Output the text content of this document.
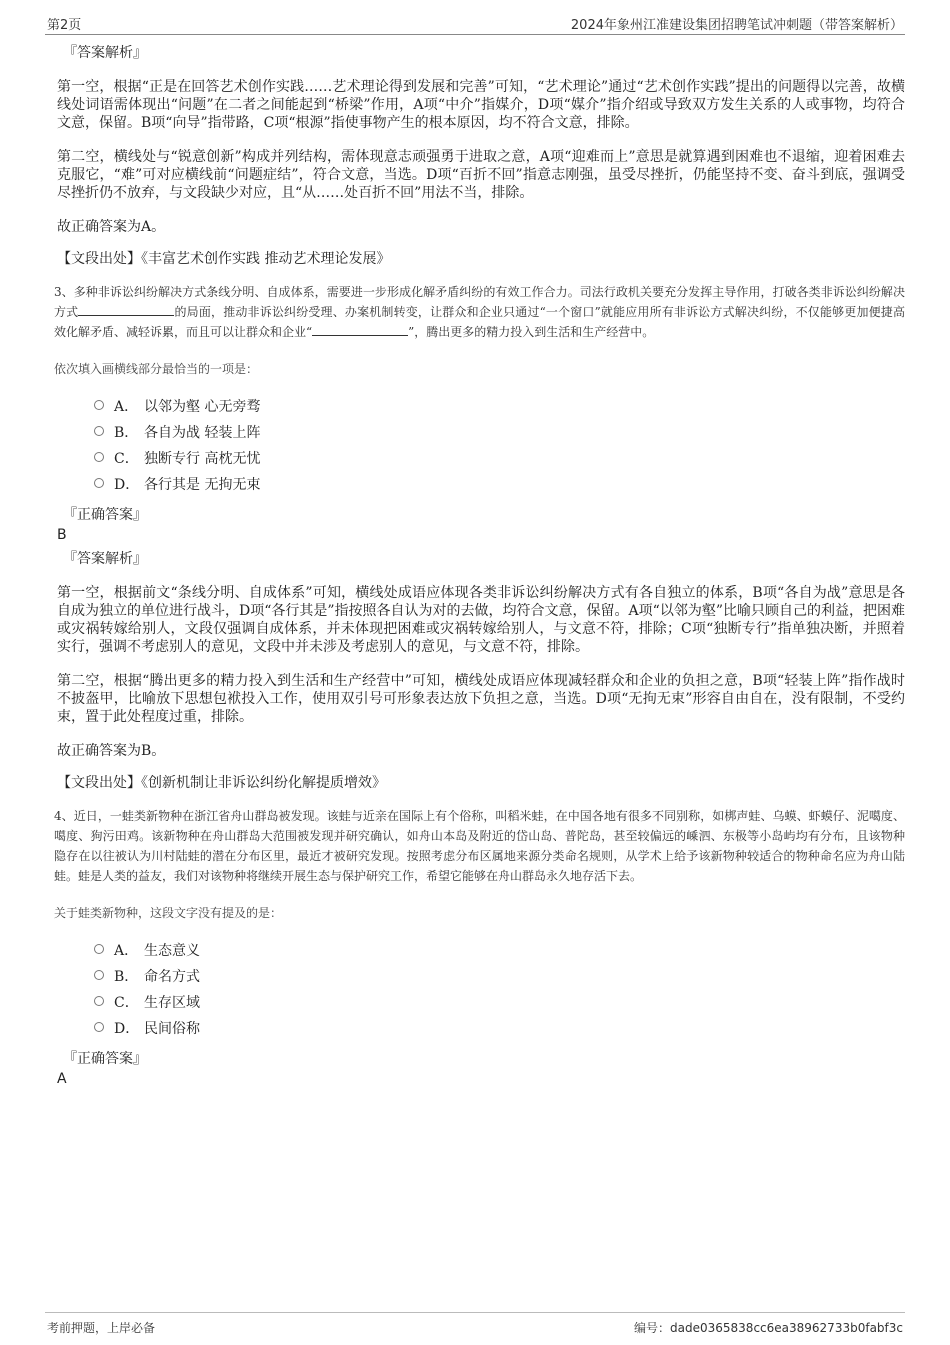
第2页	2024年象州江准建设集团招聘笔试冲刺题（带答案解析）
『答案解析』

第一空，根据“正是在回答艺术创作实践……艺术理论得到发展和完善”可知，“艺术理论”通过“艺术创作实践”提出的问题得以完善，故横线处词语需体现出“问题”在二者之间能起到“桥梁”作用，A项“中介”指媒介，D项“媒介”指介绍或导致双方发生关系的人或事物，均符合文意，保留。B项“向导”指带路，C项“根源”指使事物产生的根本原因，均不符合文意，排除。

第二空，横线处与“锐意创新”构成并列结构，需体现意志顽强勇于进取之意，A项“迎难而上”意思是就算遇到困难也不退缩，迎着困难去克服它，“难”可对应横线前“问题症结”，符合文意，当选。D项“百折不回”指意志刚强，虽受尽挫折，仍能坚持不变、奋斗到底，强调受尽挫折仍不放弃，与文段缺少对应，且“从……处百折不回”用法不当，排除。

故正确答案为A。

【文段出处】《丰富艺术创作实践 推动艺术理论发展》

3、多种非诉讼纠纷解决方式条线分明、自成体系，需要进一步形成化解矛盾纠纷的有效工作合力。司法行政机关要充分发挥主导作用，打破各类非诉讼纠纷解决方式	的局面，推动非诉讼纠纷受理、办案机制转变，让群众和企业只通过“一个窗口”就能应用所有非诉讼方式解决纠纷，不仅能够更加便捷高效化解矛盾、减轻诉累，而且可以让群众和企业“	”，腾出更多的精力投入到生活和生产经营中。
依次填入画横线部分最恰当的一项是：
A． 以邻为壑 心无旁骛
B． 各自为战 轻装上阵
C． 独断专行 高枕无忧
D． 各行其是 无拘无束
『正确答案』
B
『答案解析』

第一空，根据前文“条线分明、自成体系”可知，横线处成语应体现各类非诉讼纠纷解决方式有各自独立的体系，B项“各自为战”意思是各自成为独立的单位进行战斗，D项“各行其是”指按照各自认为对的去做，均符合文意，保留。A项“以邻为壑”比喻只顾自己的利益，把困难或灾祸转嫁给别人，文段仅强调自成体系，并未体现把困难或灾祸转嫁给别人，与文意不符，排除；C项“独断专行”指单独决断，并照着实行，强调不考虑别人的意见，文段中并未涉及考虑别人的意见，与文意不符，排除。

第二空，根据“腾出更多的精力投入到生活和生产经营中”可知，横线处成语应体现减轻群众和企业的负担之意，B项“轻装上阵”指作战时不披盔甲，比喻放下思想包袱投入工作，使用双引号可形象表达放下负担之意，当选。D项“无拘无束”形容自由自在，没有限制，不受约束，置于此处程度过重，排除。

故正确答案为B。

【文段出处】《创新机制让非诉讼纠纷化解提质增效》

4、近日，一蛙类新物种在浙江省舟山群岛被发现。该蛙与近亲在国际上有个俗称，叫稻米蛙，在中国各地有很多不同别称，如梆声蛙、乌蟆、虾蟆仔、泥噶度、噶度、狗污田鸡。该新物种在舟山群岛大范围被发现并研究确认，如舟山本岛及附近的岱山岛、普陀岛，甚至较偏远的嵊泗、东极等小岛屿均有分布，且该物种隐存在以往被认为川村陆蛙的潜在分布区里，最近才被研究发现。按照考虑分布区属地来源分类命名规则，从学术上给予该新物种较适合的物种命名应为舟山陆蛙。蛙是人类的益友，我们对该物种将继续开展生态与保护研究工作，希望它能够在舟山群岛永久地存活下去。
关于蛙类新物种，这段文字没有提及的是：
A． 生态意义
B． 命名方式
C． 生存区域
D． 民间俗称
『正确答案』
A
考前押题，上岸必备	编号：dade0365838cc6ea38962733b0fabf3c
